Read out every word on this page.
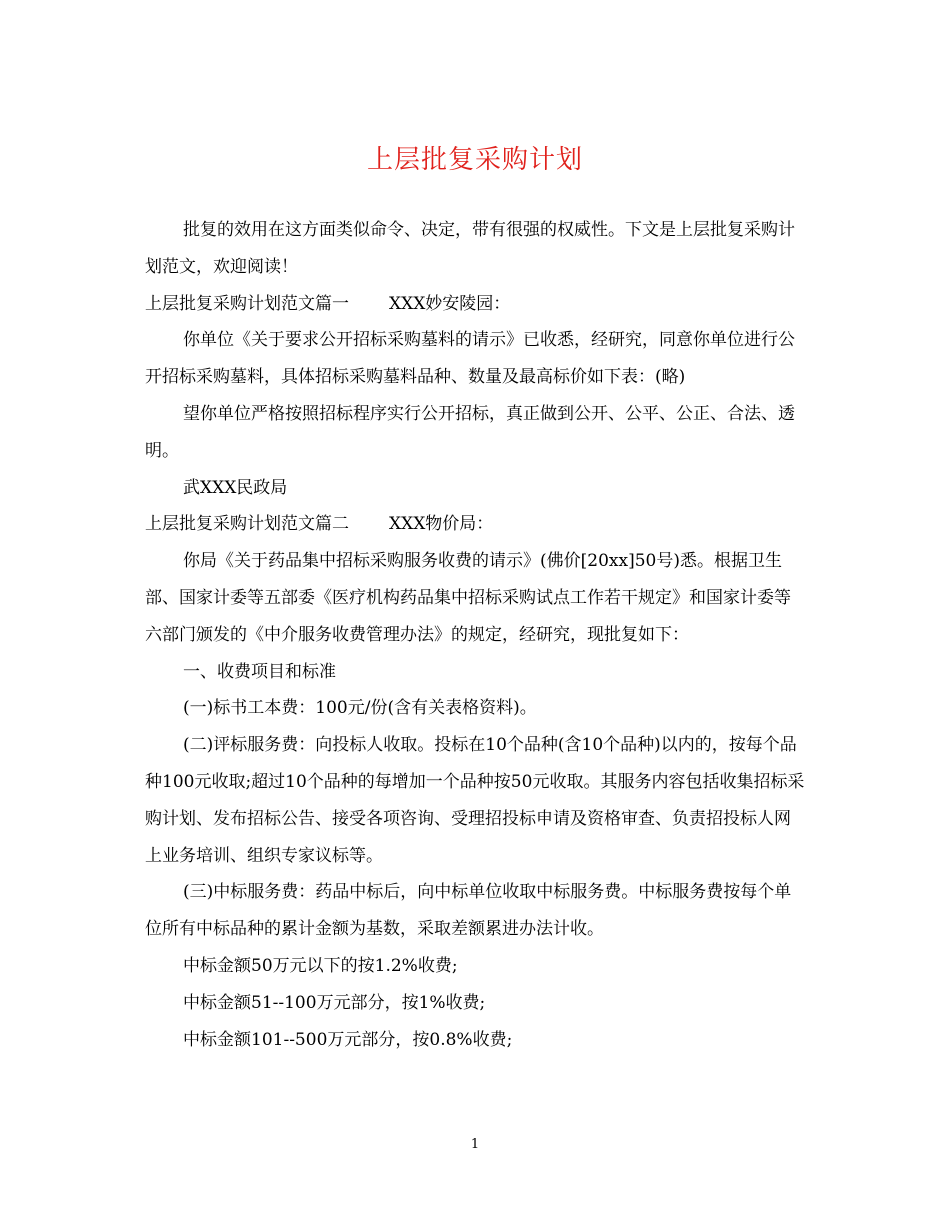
上层批复采购计划

批复的效用在这方面类似命令、决定，带有很强的权威性。下文是上层批复采购计划范文，欢迎阅读！

上层批复采购计划范文篇一 XXX妙安陵园：

你单位《关于要求公开招标采购墓料的请示》已收悉，经研究，同意你单位进行公开招标采购墓料，具体招标采购墓料品种、数量及最高标价如下表：(略)

望你单位严格按照招标程序实行公开招标，真正做到公开、公平、公正、合法、透明。

武XXX民政局

上层批复采购计划范文篇二 XXX物价局：

你局《关于药品集中招标采购服务收费的请示》(佛价[20xx]50号)悉。根据卫生部、国家计委等五部委《医疗机构药品集中招标采购试点工作若干规定》和国家计委等六部门颁发的《中介服务收费管理办法》的规定，经研究，现批复如下：

一、收费项目和标准

(一)标书工本费：100元/份(含有关表格资料)。

(二)评标服务费：向投标人收取。投标在10个品种(含10个品种)以内的，按每个品种100元收取;超过10个品种的每增加一个品种按50元收取。其服务内容包括收集招标采购计划、发布招标公告、接受各项咨询、受理招投标申请及资格审查、负责招投标人网上业务培训、组织专家议标等。

(三)中标服务费：药品中标后，向中标单位收取中标服务费。中标服务费按每个单位所有中标品种的累计金额为基数，采取差额累进办法计收。

中标金额50万元以下的按1.2%收费;

中标金额51--100万元部分，按1%收费;

中标金额101--500万元部分，按0.8%收费;

1
